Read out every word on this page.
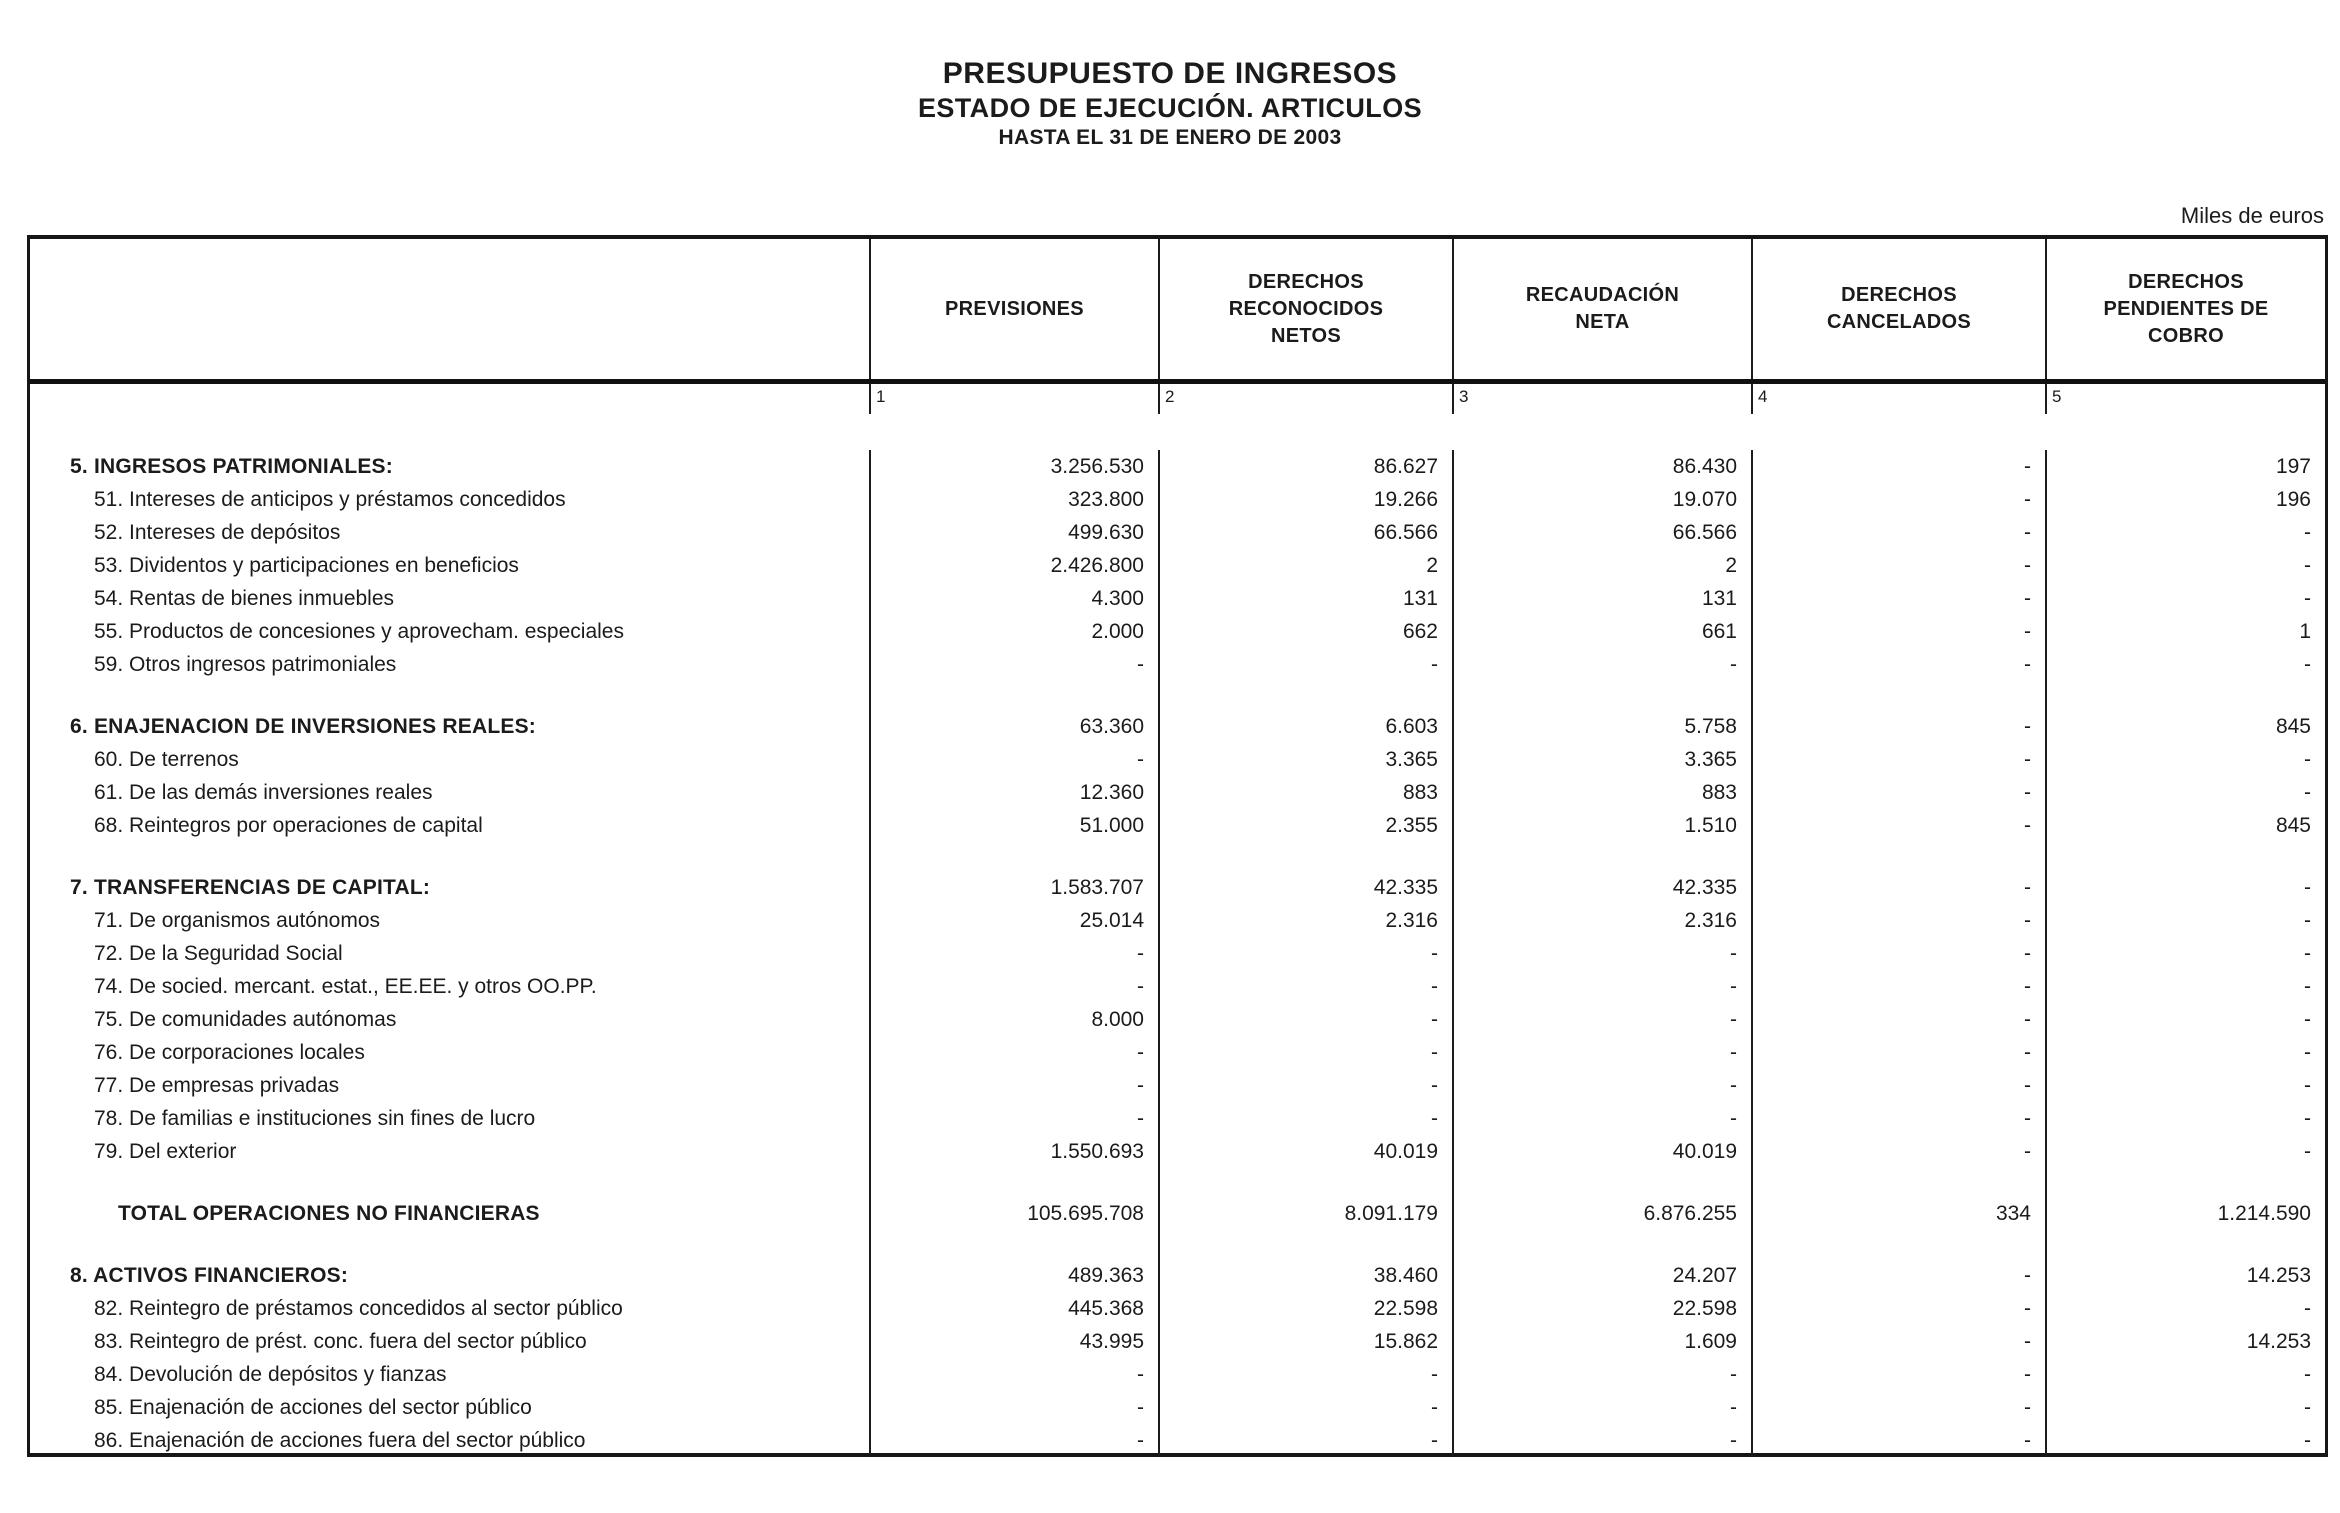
PRESUPUESTO DE INGRESOS
ESTADO DE EJECUCIÓN. ARTICULOS
HASTA EL 31 DE ENERO DE 2003
Miles de euros
PREVISIONES
DERECHOS RECONOCIDOS NETOS
RECAUDACIÓN NETA
DERECHOS CANCELADOS
DERECHOS PENDIENTES DE COBRO
1	2	3	4	5
5. INGRESOS PATRIMONIALES:	3.256.530	86.627	86.430	-	197
51. Intereses de anticipos y préstamos concedidos	323.800	19.266	19.070	-	196
52. Intereses de depósitos	499.630	66.566	66.566	-	-
53. Dividentos y participaciones en beneficios	2.426.800	2	2	-	-
54. Rentas de bienes inmuebles	4.300	131	131	-	-
55. Productos de concesiones y aprovecham. especiales	2.000	662	661	-	1
59. Otros ingresos patrimoniales	-	-	-	-	-
6. ENAJENACION DE INVERSIONES REALES:	63.360	6.603	5.758	-	845
60. De terrenos	-	3.365	3.365	-	-
61. De las demás inversiones reales	12.360	883	883	-	-
68. Reintegros por operaciones de capital	51.000	2.355	1.510	-	845
7. TRANSFERENCIAS DE CAPITAL:	1.583.707	42.335	42.335	-	-
71. De organismos autónomos	25.014	2.316	2.316	-	-
72. De la Seguridad Social	-	-	-	-	-
74. De socied. mercant. estat., EE.EE. y otros OO.PP.	-	-	-	-	-
75. De comunidades autónomas	8.000	-	-	-	-
76. De corporaciones locales	-	-	-	-	-
77. De empresas privadas	-	-	-	-	-
78. De familias e instituciones sin fines de lucro	-	-	-	-	-
79. Del exterior	1.550.693	40.019	40.019	-	-
TOTAL OPERACIONES NO FINANCIERAS	105.695.708	8.091.179	6.876.255	334	1.214.590
8. ACTIVOS FINANCIEROS:	489.363	38.460	24.207	-	14.253
82. Reintegro de préstamos concedidos al sector público	445.368	22.598	22.598	-	-
83. Reintegro de prést. conc. fuera del sector público	43.995	15.862	1.609	-	14.253
84. Devolución de depósitos y fianzas	-	-	-	-	-
85. Enajenación de acciones del sector público	-	-	-	-	-
86. Enajenación de acciones fuera del sector público	-	-	-	-	-
